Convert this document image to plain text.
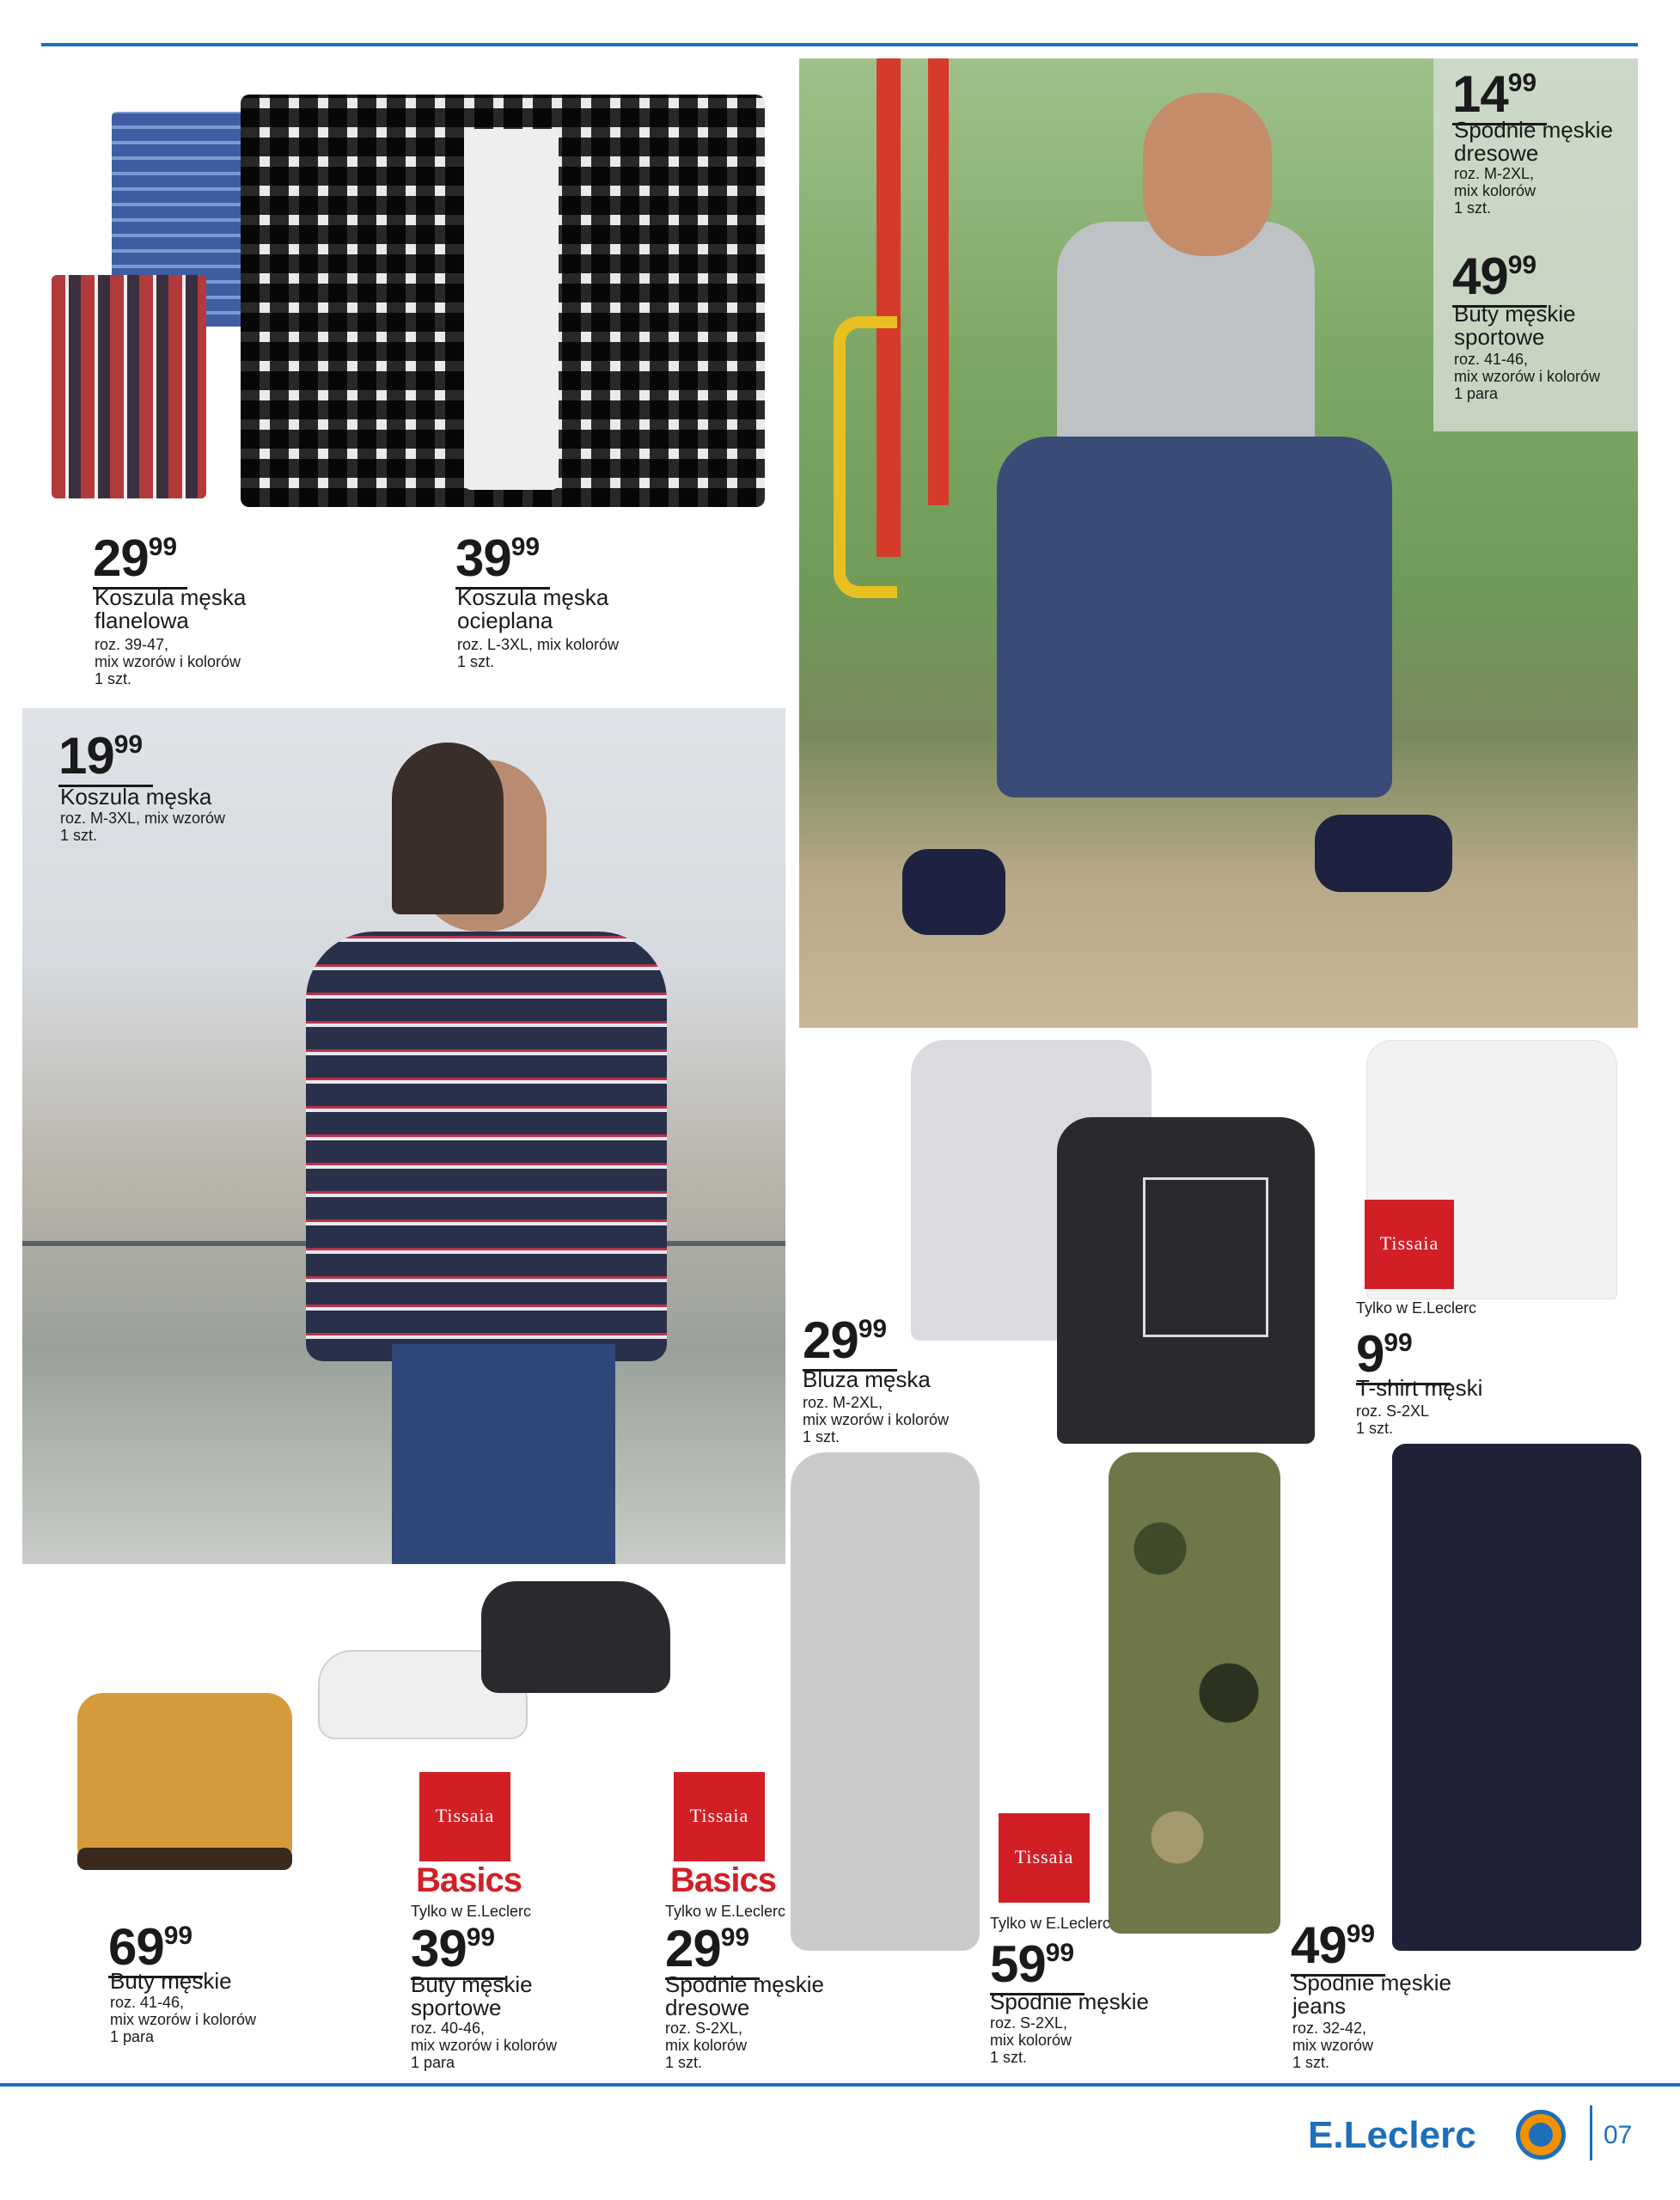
2999
Koszula męska
flanelowa
roz. 39-47,
mix wzorów i kolorów
1 szt.
3999
Koszula męska
ocieplana
roz. L-3XL, mix kolorów
1 szt.
1499
Spodnie męskie
dresowe
roz. M-2XL,
mix kolorów
1 szt.
4999
Buty męskie
sportowe
roz. 41-46,
mix wzorów i kolorów
1 para
1999
Koszula męska
roz. M-3XL, mix wzorów
1 szt.
2999
Bluza męska
roz. M-2XL,
mix wzorów i kolorów
1 szt.
Tissaia
Tylko w E.Leclerc
999
T-shirt męski
roz. S-2XL
1 szt.
6999
Buty męskie
roz. 41-46,
mix wzorów i kolorów
1 para
Tissaia
Basics
Tylko w E.Leclerc
3999
Buty męskie
sportowe
roz. 40-46,
mix wzorów i kolorów
1 para
Tissaia
Basics
Tylko w E.Leclerc
2999
Spodnie męskie
dresowe
roz. S-2XL,
mix kolorów
1 szt.
Tissaia
Tylko w E.Leclerc
5999
Spodnie męskie
roz. S-2XL,
mix kolorów
1 szt.
4999
Spodnie męskie
jeans
roz. 32-42,
mix wzorów
1 szt.
E.Leclerc	07
